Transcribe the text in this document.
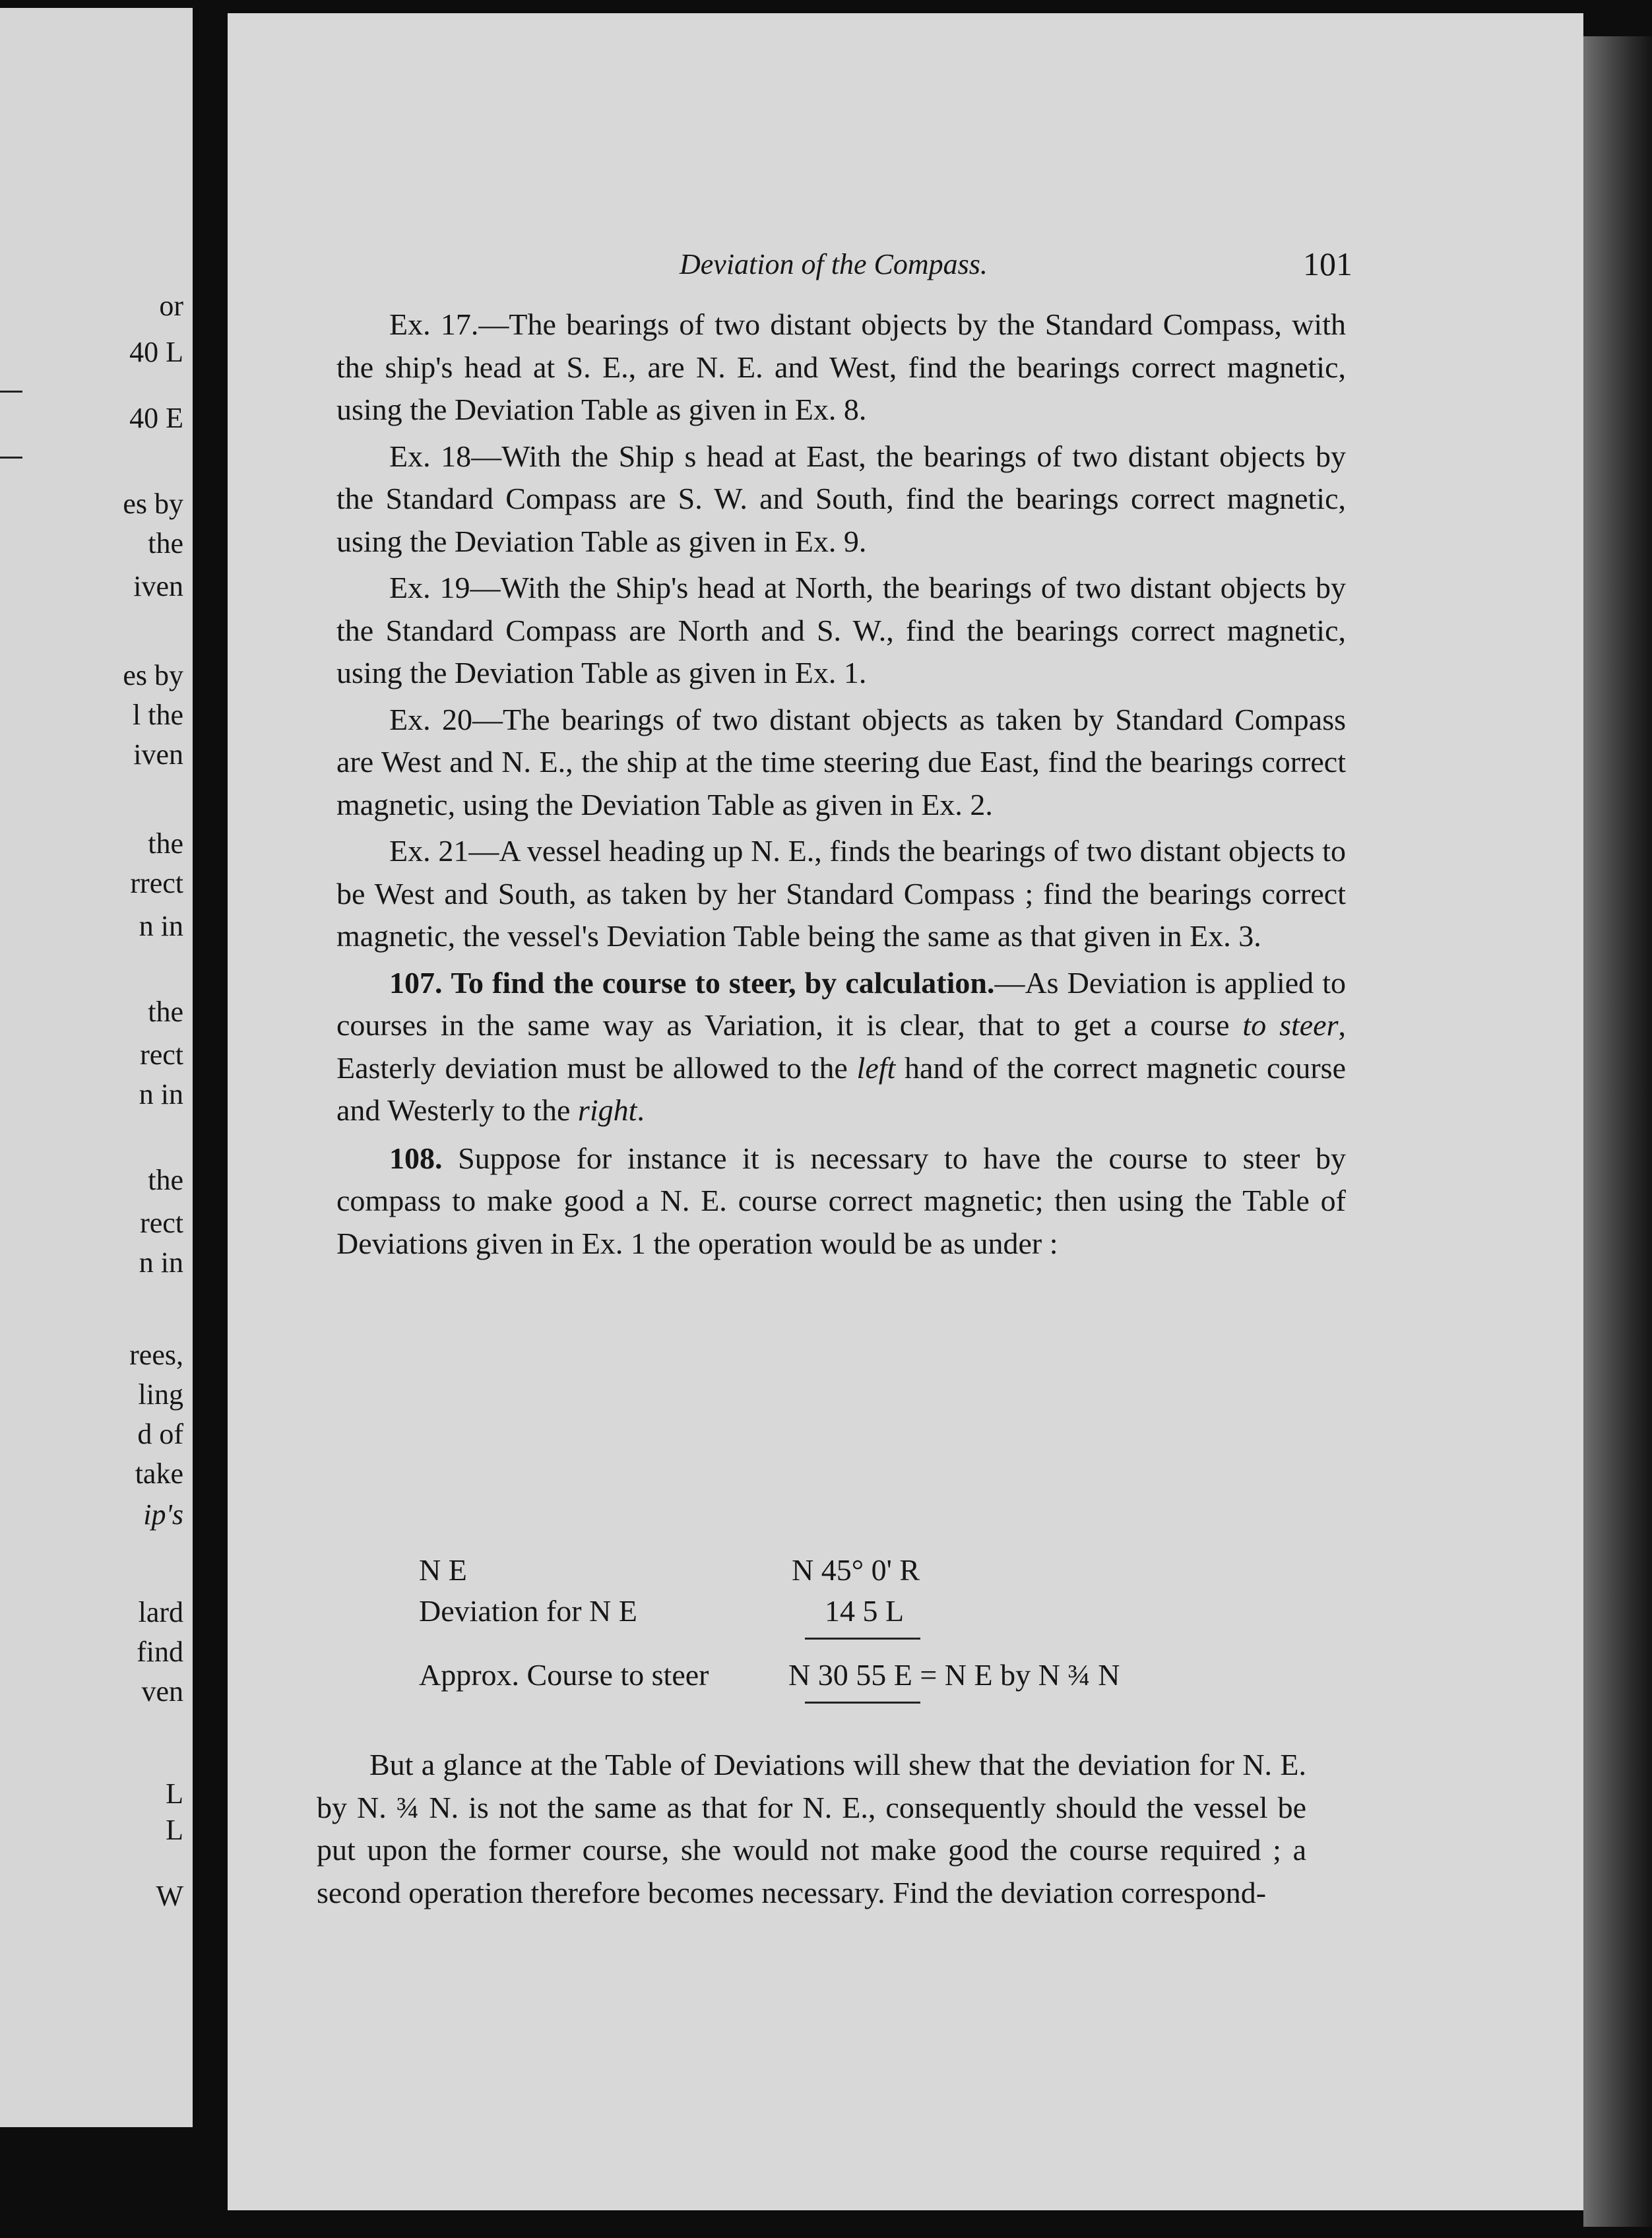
or
40 L
40 E
es by
the
iven
es by
l the
iven
the
rrect
n in
the
rect
n in
the
rect
n in
rees,
ling
d of
take
ip's
lard
find
ven
L
L
W
Deviation of the Compass.	101

Ex. 17.—The bearings of two distant objects by the Standard Compass, with the ship's head at S. E., are N. E. and West, find the bearings correct magnetic, using the Deviation Table as given in Ex. 8.

Ex. 18—With the Ship s head at East, the bearings of two distant objects by the Standard Compass are S. W. and South, find the bearings correct magnetic, using the Deviation Table as given in Ex. 9.

Ex. 19—With the Ship's head at North, the bearings of two distant objects by the Standard Compass are North and S. W., find the bearings correct magnetic, using the Deviation Table as given in Ex. 1.

Ex. 20—The bearings of two distant objects as taken by Standard Compass are West and N. E., the ship at the time steering due East, find the bearings correct magnetic, using the Deviation Table as given in Ex. 2.

Ex. 21—A vessel heading up N. E., finds the bearings of two distant objects to be West and South, as taken by her Standard Compass ; find the bearings correct magnetic, the vessel's Deviation Table being the same as that given in Ex. 3.

107. To find the course to steer, by calculation.—As Deviation is applied to courses in the same way as Variation, it is clear, that to get a course to steer, Easterly deviation must be allowed to the left hand of the correct magnetic course and Westerly to the right.

108. Suppose for instance it is necessary to have the course to steer by compass to make good a N. E. course correct magnetic; then using the Table of Deviations given in Ex. 1 the operation would be as under :

N E	N 45° 0' R
Deviation for N E	14 5 L
Approx. Course to steer	N 30 55 E = N E by N ¾ N

But a glance at the Table of Deviations will shew that the deviation for N. E. by N. ¾ N. is not the same as that for N. E., consequently should the vessel be put upon the former course, she would not make good the course required ; a second operation therefore becomes necessary. Find the deviation correspond-
